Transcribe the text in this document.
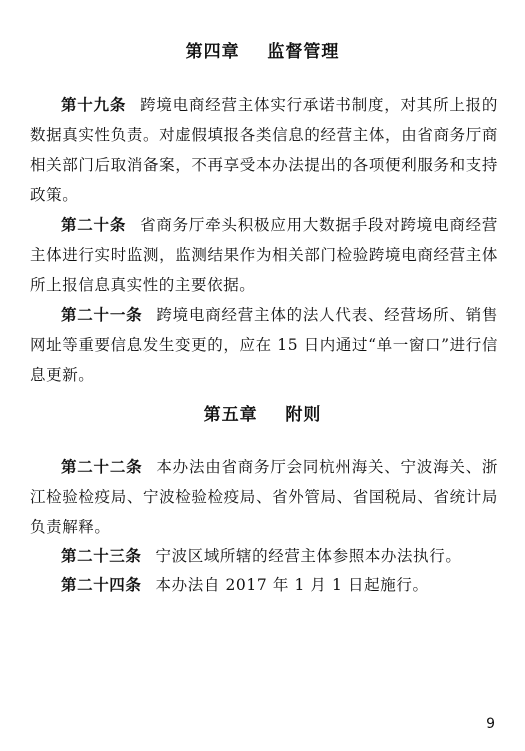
第四章    监督管理
第十九条 跨境电商经营主体实行承诺书制度，对其所上报的数据真实性负责。对虚假填报各类信息的经营主体，由省商务厅商相关部门后取消备案，不再享受本办法提出的各项便利服务和支持政策。
第二十条 省商务厅牵头积极应用大数据手段对跨境电商经营主体进行实时监测，监测结果作为相关部门检验跨境电商经营主体所上报信息真实性的主要依据。
第二十一条 跨境电商经营主体的法人代表、经营场所、销售网址等重要信息发生变更的，应在 15 日内通过“单一窗口”进行信息更新。
第五章    附则
第二十二条 本办法由省商务厅会同杭州海关、宁波海关、浙江检验检疫局、宁波检验检疫局、省外管局、省国税局、省统计局负责解释。
第二十三条 宁波区域所辖的经营主体参照本办法执行。
第二十四条 本办法自 2017 年 1 月 1 日起施行。
9
